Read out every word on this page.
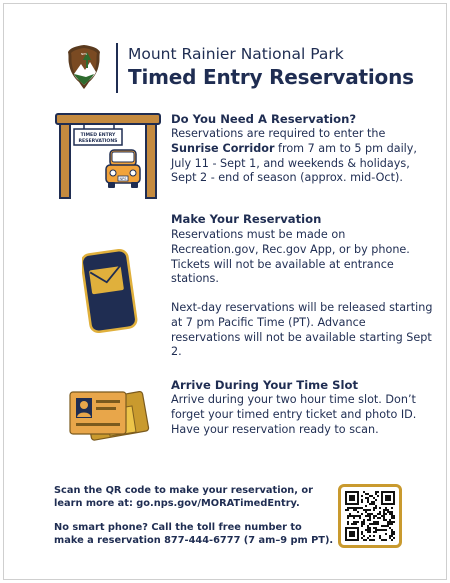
NPS	Mount Rainier National Park
Timed Entry Reservations
TIMED ENTRY
RESERVATIONS
NPS
Do You Need A Reservation?
Reservations are required to enter the Sunrise Corridor from 7 am to 5 pm daily, July 11 - Sept 1, and weekends & holidays, Sept 2 - end of season (approx. mid-Oct).
Make Your Reservation
Reservations must be made on Recreation.gov, Rec.gov App, or by phone. Tickets will not be available at entrance stations.
Next-day reservations will be released starting at 7 pm Pacific Time (PT). Advance reservations will not be available starting Sept 2.
Arrive During Your Time Slot
Arrive during your two hour time slot. Don’t forget your timed entry ticket and photo ID. Have your reservation ready to scan.
Scan the QR code to make your reservation, or learn more at: go.nps.gov/MORATimedEntry.
No smart phone? Call the toll free number to make a reservation 877-444-6777 (7 am–9 pm PT).
